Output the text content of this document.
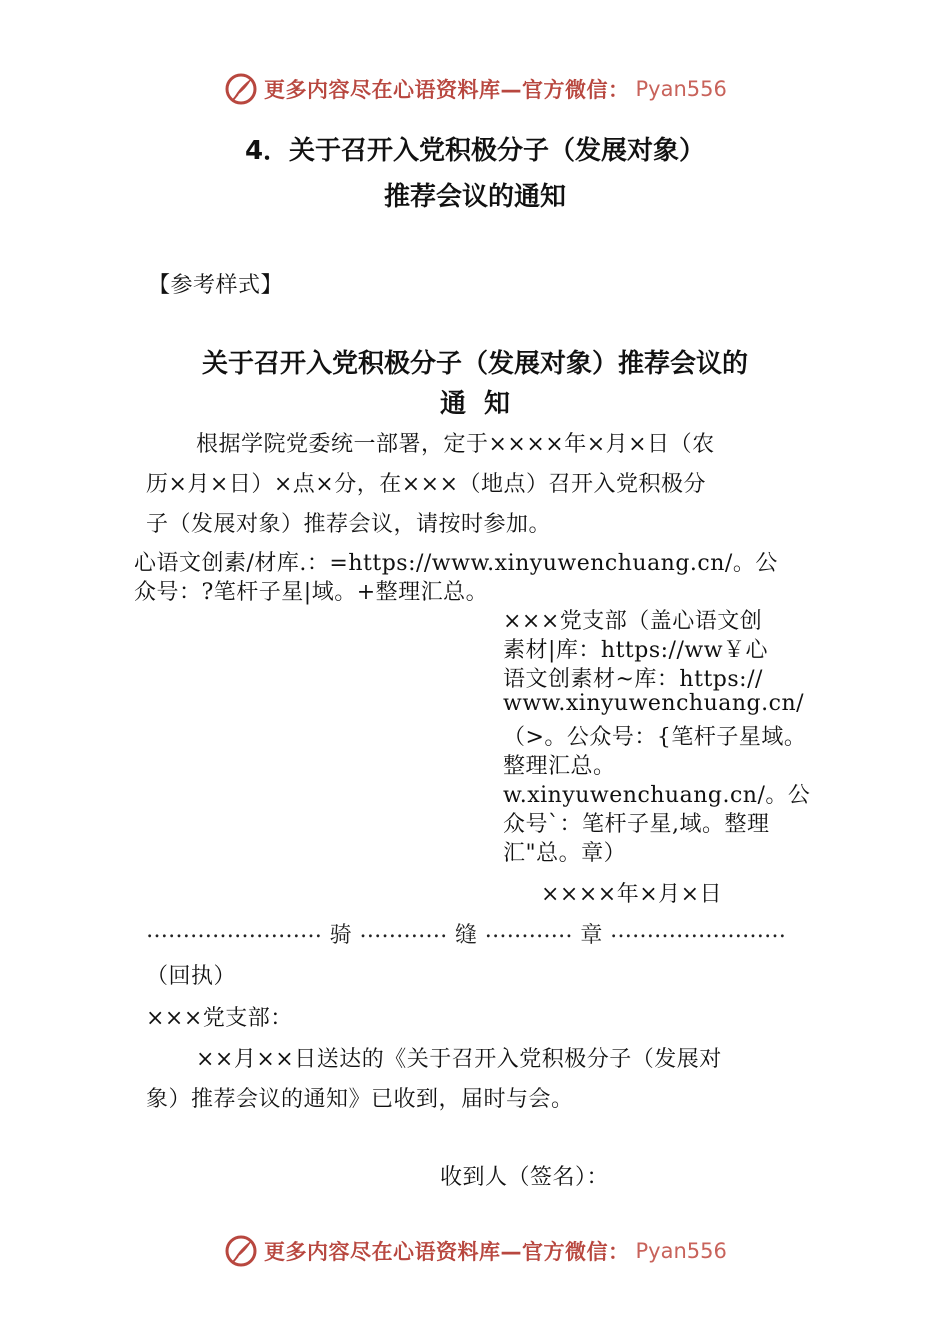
更多内容尽在心语资料库—官方微信： Pyan556
4．关于召开入党积极分子（发展对象）
推荐会议的通知
【参考样式】
关于召开入党积极分子（发展对象）推荐会议的
通  知
根据学院党委统一部署，定于××××年×月×日（农
历×月×日）×点×分，在×××（地点）召开入党积极分
子（发展对象）推荐会议，请按时参加。
心语文创素/材库.：=https://www.xinyuwenchuang.cn/。公
众号：?笔杆子星|域。+整理汇总。
×××党支部（盖心语文创
素材|库：https://ww￥心
语文创素材~库：https://
www.xinyuwenchuang.cn/
（>。公众号：{笔杆子星域。
整理汇总。
w.xinyuwenchuang.cn/。公
众号`：笔杆子星,域。整理
汇"总。章）
××××年×月×日
…………………… 骑 ………… 缝 ………… 章 ……………………
（回执）
×××党支部：
××月××日送达的《关于召开入党积极分子（发展对
象）推荐会议的通知》已收到，届时与会。
收到人（签名）：
更多内容尽在心语资料库—官方微信： Pyan556
